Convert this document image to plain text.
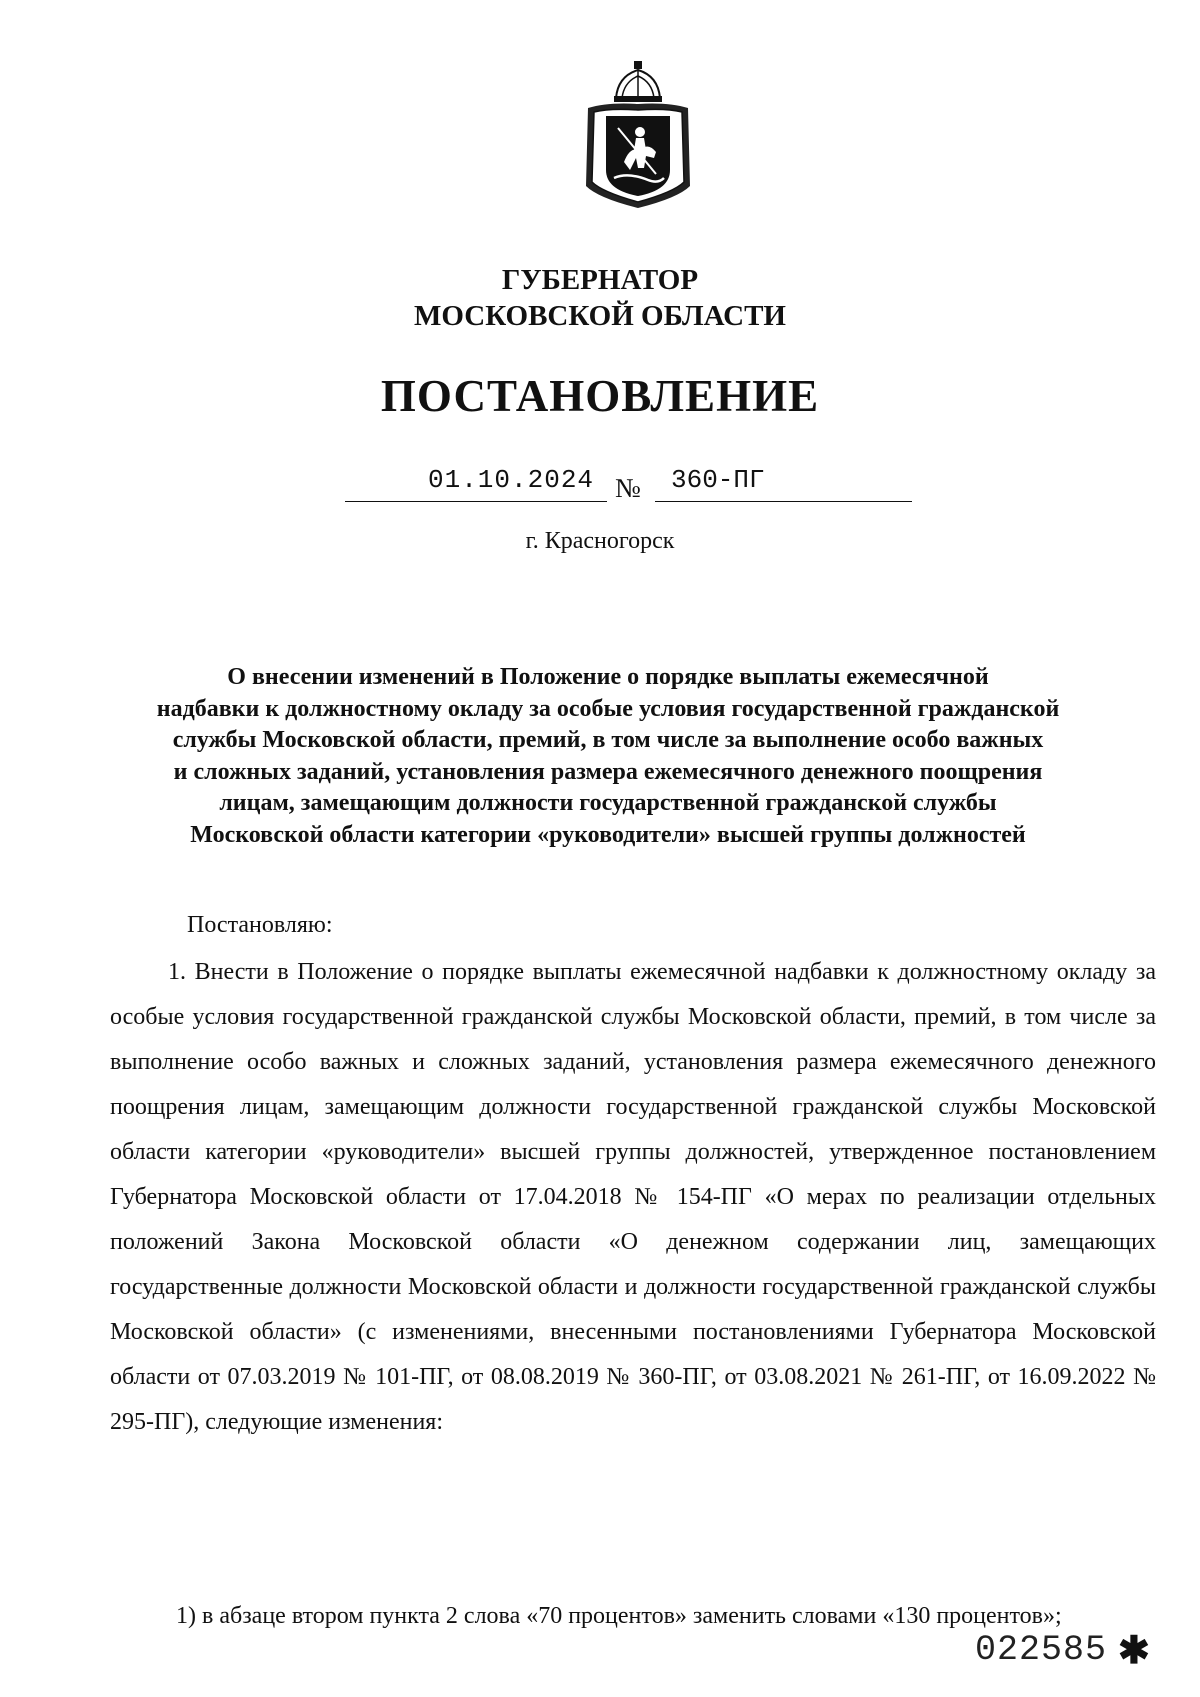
ГУБЕРНАТОР
МОСКОВСКОЙ ОБЛАСТИ
ПОСТАНОВЛЕНИЕ
01.10.2024 № 360-ПГ
г. Красногорск
О внесении изменений в Положение о порядке выплаты ежемесячной
надбавки к должностному окладу за особые условия государственной гражданской
службы Московской области, премий, в том числе за выполнение особо важных
и сложных заданий, установления размера ежемесячного денежного поощрения
лицам, замещающим должности государственной гражданской службы
Московской области категории «руководители» высшей группы должностей
Постановляю:
1. Внести в Положение о порядке выплаты ежемесячной надбавки к должностному окладу за особые условия государственной гражданской службы Московской области, премий, в том числе за выполнение особо важных и сложных заданий, установления размера ежемесячного денежного поощрения лицам, замещающим должности государственной гражданской службы Московской области категории «руководители» высшей группы должностей, утвержденное постановлением Губернатора Московской области от 17.04.2018 № 154-ПГ «О мерах по реализации отдельных положений Закона Московской области «О денежном содержании лиц, замещающих государственные должности Московской области и должности государственной гражданской службы Московской области» (с изменениями, внесенными постановлениями Губернатора Московской области от 07.03.2019 № 101-ПГ, от 08.08.2019 № 360-ПГ, от 03.08.2021 № 261-ПГ, от 16.09.2022 № 295-ПГ), следующие изменения:
1) в абзаце втором пункта 2 слова «70 процентов» заменить словами «130 процентов»;
022585 ✱
